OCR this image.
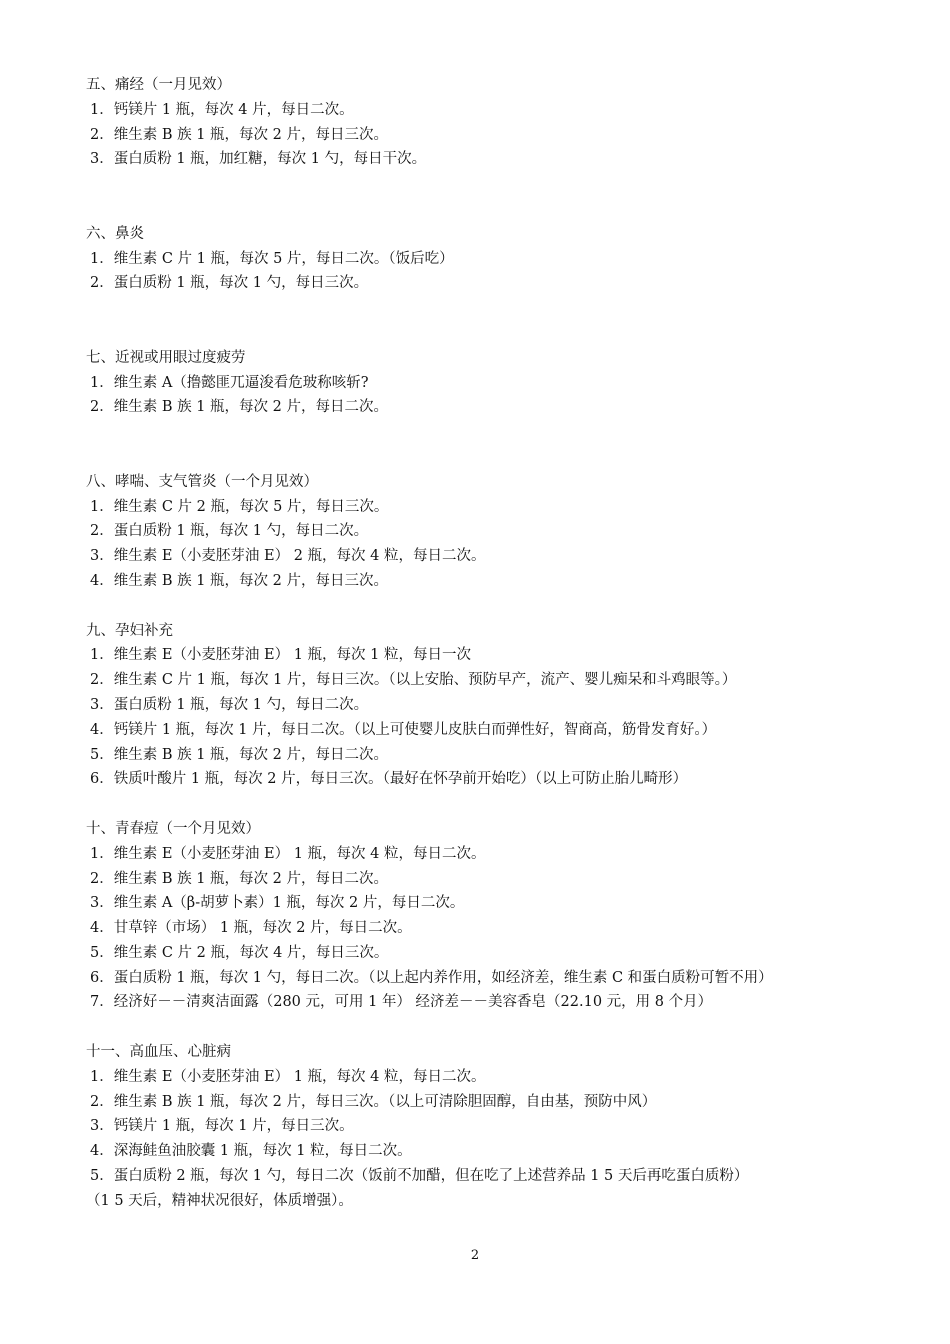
五、痛经（一月见效）
1．钙镁片 1 瓶，每次 4 片，每日二次。
2．维生素 B 族 1 瓶，每次 2 片，每日三次。
3．蛋白质粉 1 瓶，加红糖，每次 1 勺，每日干次。
六、鼻炎
1．维生素 C 片 1 瓶，每次 5 片，每日二次。（饭后吃）
2．蛋白质粉 1 瓶，每次 1 勺，每日三次。
七、近视或用眼过度疲劳
1．维生素 A（撸懿匪兀逼浚看危玻称咳斩?
2．维生素 B 族 1 瓶，每次 2 片，每日二次。
八、哮喘、支气管炎（一个月见效）
1．维生素 C 片 2 瓶，每次 5 片，每日三次。
2．蛋白质粉 1 瓶，每次 1 勺，每日二次。
3．维生素 E（小麦胚芽油 E） 2 瓶，每次 4 粒，每日二次。
4．维生素 B 族 1 瓶，每次 2 片，每日三次。
九、孕妇补充
1．维生素 E（小麦胚芽油 E） 1 瓶，每次 1 粒，每日一次
2．维生素 C 片 1 瓶，每次 1 片，每日三次。（以上安胎、预防早产，流产、婴儿痴呆和斗鸡眼等。）
3．蛋白质粉 1 瓶，每次 1 勺，每日二次。
4．钙镁片 1 瓶，每次 1 片，每日二次。（以上可使婴儿皮肤白而弹性好，智商高，筋骨发育好。）
5．维生素 B 族 1 瓶，每次 2 片，每日二次。
6．铁质叶酸片 1 瓶，每次 2 片，每日三次。（最好在怀孕前开始吃）（以上可防止胎儿畸形）
十、青春痘（一个月见效）
1．维生素 E（小麦胚芽油 E） 1 瓶，每次 4 粒，每日二次。
2．维生素 B 族 1 瓶，每次 2 片，每日二次。
3．维生素 A（β-胡萝卜素）1 瓶，每次 2 片，每日二次。
4．甘草锌（市场） 1 瓶，每次 2 片，每日二次。
5．维生素 C 片 2 瓶，每次 4 片，每日三次。
6．蛋白质粉 1 瓶，每次 1 勺，每日二次。（以上起内养作用，如经济差，维生素 C 和蛋白质粉可暂不用）
7．经济好－－清爽洁面露（280 元，可用 1 年） 经济差－－美容香皂（22.10 元，用 8 个月）
十一、高血压、心脏病
1．维生素 E（小麦胚芽油 E） 1 瓶，每次 4 粒，每日二次。
2．维生素 B 族 1 瓶，每次 2 片，每日三次。（以上可清除胆固醇，自由基，预防中风）
3．钙镁片 1 瓶，每次 1 片，每日三次。
4．深海鲑鱼油胶囊 1 瓶，每次 1 粒，每日二次。
5．蛋白质粉 2 瓶，每次 1 勺，每日二次（饭前不加醋，但在吃了上述营养品 1 5 天后再吃蛋白质粉）
（1 5 天后，精神状况很好，体质增强）。
2
